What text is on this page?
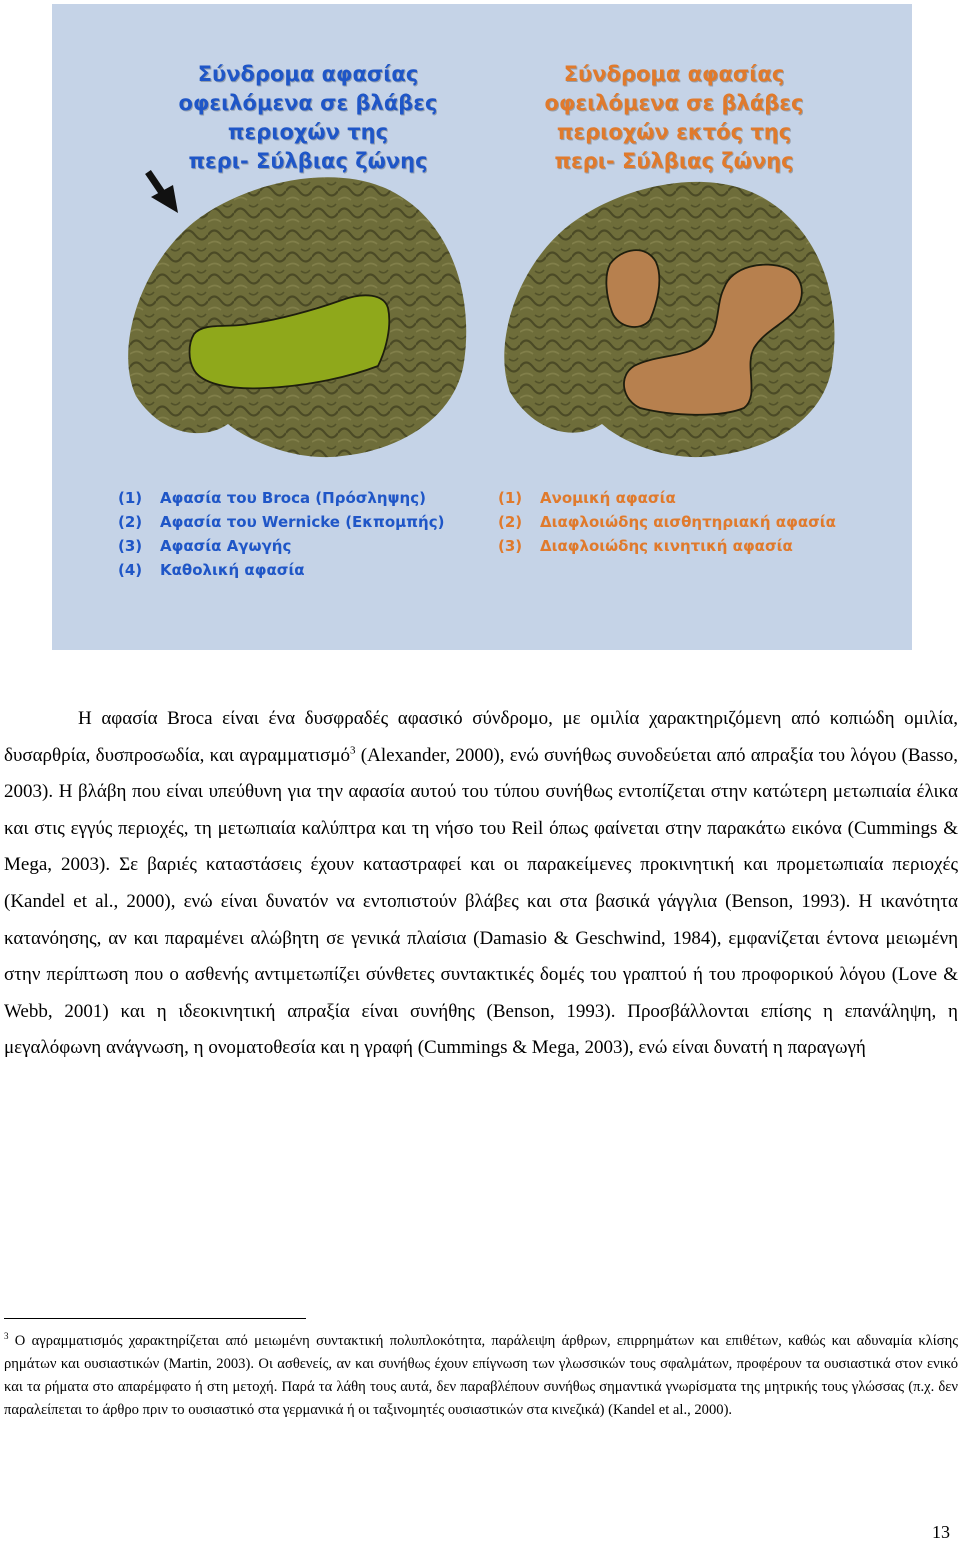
Σύνδρομα αφασίας
οφειλόμενα σε βλάβες
περιοχών της
περι- Σύλβιας ζώνης
Σύνδρομα αφασίας
οφειλόμενα σε βλάβες
περιοχών εκτός της
περι- Σύλβιας ζώνης
(1) Αφασία του Broca (Πρόσληψης)
(2) Αφασία του Wernicke (Εκπομπής)
(3) Αφασία Αγωγής
(4) Καθολική αφασία
(1) Ανομική αφασία
(2) Διαφλοιώδης αισθητηριακή αφασία
(3) Διαφλοιώδης κινητική αφασία

Η αφασία Broca είναι ένα δυσφραδές αφασικό σύνδρομο, με ομιλία χαρακτηριζόμενη από κοπιώδη ομιλία, δυσαρθρία, δυσπροσωδία, και αγραμματισμό$^3$ (Alexander, 2000), ενώ συνήθως συνοδεύεται από απραξία του λόγου (Basso, 2003). Η βλάβη που είναι υπεύθυνη για την αφασία αυτού του τύπου συνήθως εντοπίζεται στην κατώτερη μετωπιαία έλικα και στις εγγύς περιοχές, τη μετωπιαία καλύπτρα και τη νήσο του Reil όπως φαίνεται στην παρακάτω εικόνα (Cummings & Mega, 2003). Σε βαριές καταστάσεις έχουν καταστραφεί και οι παρακείμενες προκινητική και προμετωπιαία περιοχές (Kandel et al., 2000), ενώ είναι δυνατόν να εντοπιστούν βλάβες και στα βασικά γάγγλια (Benson, 1993). Η ικανότητα κατανόησης, αν και παραμένει αλώβητη σε γενικά πλαίσια (Damasio & Geschwind, 1984), εμφανίζεται έντονα μειωμένη στην περίπτωση που ο ασθενής αντιμετωπίζει σύνθετες συντακτικές δομές του γραπτού ή του προφορικού λόγου (Love & Webb, 2001) και η ιδεοκινητική απραξία είναι συνήθης (Benson, 1993). Προσβάλλονται επίσης η επανάληψη, η μεγαλόφωνη ανάγνωση, η ονοματοθεσία και η γραφή (Cummings & Mega, 2003), ενώ είναι δυνατή η παραγωγή

$^3$ Ο αγραμματισμός χαρακτηρίζεται από μειωμένη συντακτική πολυπλοκότητα, παράλειψη άρθρων, επιρρημάτων και επιθέτων, καθώς και αδυναμία κλίσης ρημάτων και ουσιαστικών (Martin, 2003). Οι ασθενείς, αν και συνήθως έχουν επίγνωση των γλωσσικών τους σφαλμάτων, προφέρουν τα ουσιαστικά στον ενικό και τα ρήματα στο απαρέμφατο ή στη μετοχή. Παρά τα λάθη τους αυτά, δεν παραβλέπουν συνήθως σημαντικά γνωρίσματα της μητρικής τους γλώσσας (π.χ. δεν παραλείπεται το άρθρο πριν το ουσιαστικό στα γερμανικά ή οι ταξινομητές ουσιαστικών στα κινεζικά) (Kandel et al., 2000).

13
